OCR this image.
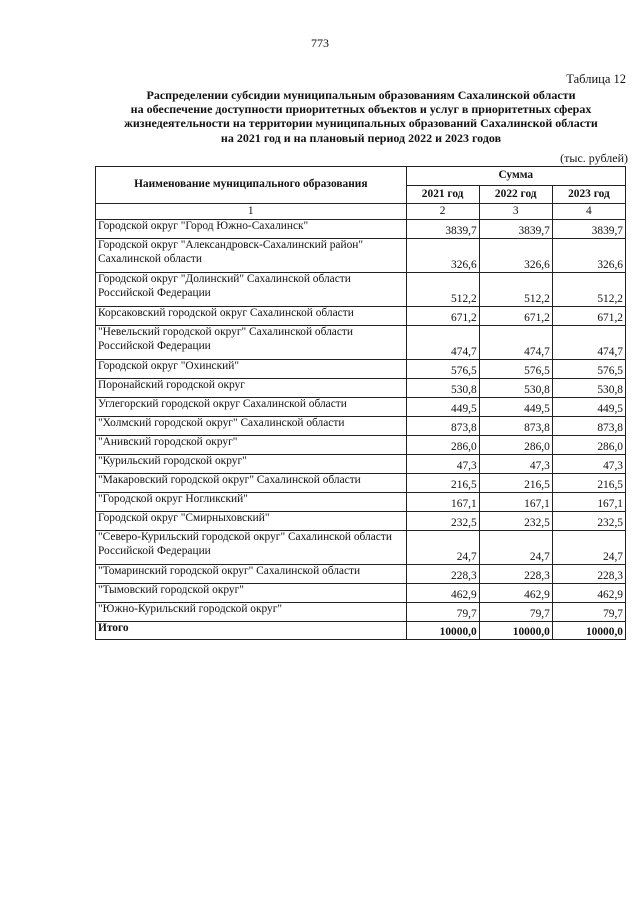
773
Таблица 12
Распределении субсидии муниципальным образованиям Сахалинской области
на обеспечение доступности приоритетных объектов и услуг в приоритетных сферах
жизнедеятельности на территории муниципальных образований Сахалинской области
на 2021 год и на плановый период 2022 и 2023 годов
(тыс. рублей)
Наименование муниципального образования	Сумма		
	2021 год	2022 год	2023 год
1	2	3	4
Городской округ "Город Южно-Сахалинск"	3839,7	3839,7	3839,7
Городской округ "Александровск-Сахалинский район" Сахалинской области	326,6	326,6	326,6
Городской округ "Долинский" Сахалинской области Российской Федерации	512,2	512,2	512,2
Корсаковский городской округ Сахалинской области	671,2	671,2	671,2
"Невельский городской округ" Сахалинской области Российской Федерации	474,7	474,7	474,7
Городской округ "Охинский"	576,5	576,5	576,5
Поронайский городской округ	530,8	530,8	530,8
Углегорский городской округ Сахалинской области	449,5	449,5	449,5
"Холмский городской округ" Сахалинской области	873,8	873,8	873,8
"Анивский городской округ"	286,0	286,0	286,0
"Курильский городской округ"	47,3	47,3	47,3
"Макаровский городской округ" Сахалинской области	216,5	216,5	216,5
"Городской округ Ногликский"	167,1	167,1	167,1
Городской округ "Смирныховский"	232,5	232,5	232,5
"Северо-Курильский городской округ" Сахалинской области Российской Федерации	24,7	24,7	24,7
"Томаринский городской округ" Сахалинской области	228,3	228,3	228,3
"Тымовский городской округ"	462,9	462,9	462,9
"Южно-Курильский городской округ"	79,7	79,7	79,7
Итого	10000,0	10000,0	10000,0
